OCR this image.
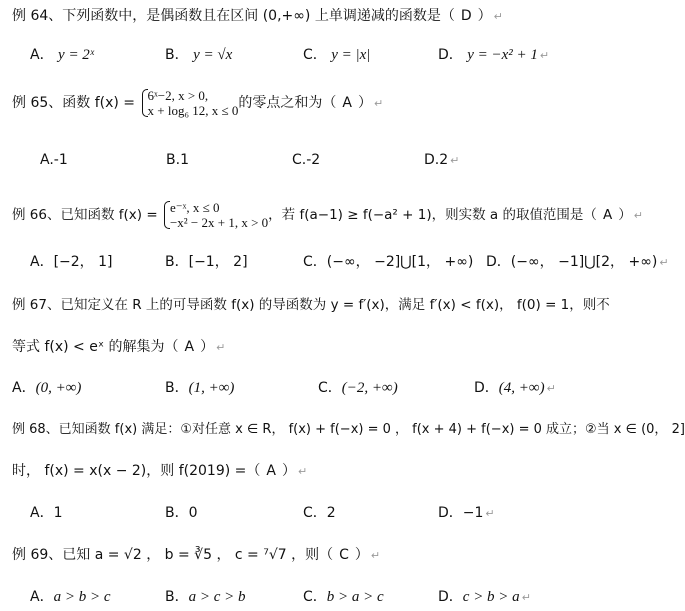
例 64、下列函数中，是偶函数且在区间 (0,+∞) 上单调递减的函数是（ D ） ↵
A． y = 2ˣ	B． y = √x	C． y = |x|	D． y = −x² + 1 ↵
例 65、函数 f(x) = 6ˣ−2, x > 0,
x + log₆ 12, x ≤ 0 的零点之和为（ A ） ↵
A.-1	B.1	C.-2	D.2 ↵
例 66、已知函数 f(x) = e⁻ˣ, x ≤ 0
−x² − 2x + 1, x > 0 ，若 f(a−1) ≥ f(−a² + 1)，则实数 a 的取值范围是（ A ） ↵
A．[−2， 1]	B．[−1， 2]	C．(−∞， −2]⋃[1， +∞) D．(−∞， −1]⋃[2， +∞) ↵
例 67、已知定义在 R 上的可导函数 f(x) 的导函数为 y = f′(x)，满足 f′(x) < f(x)， f(0) = 1，则不
等式 f(x) < eˣ 的解集为（ A ） ↵
A．(0, +∞)	B．(1, +∞)	C．(−2, +∞)	D．(4, +∞) ↵
例 68、已知函数 f(x) 满足：①对任意 x ∈ R， f(x) + f(−x) = 0 ， f(x + 4) + f(−x) = 0 成立；②当 x ∈ (0， 2]
时， f(x) = x(x − 2)，则 f(2019) =（ A ） ↵
A．1	B．0	C．2	D．−1 ↵
例 69、已知 a = √2 ， b = ∛5 ， c = ⁷√7 ，则（ C ） ↵
A．a > b > c	B．a > c > b	C．b > a > c	D．c > b > a ↵
